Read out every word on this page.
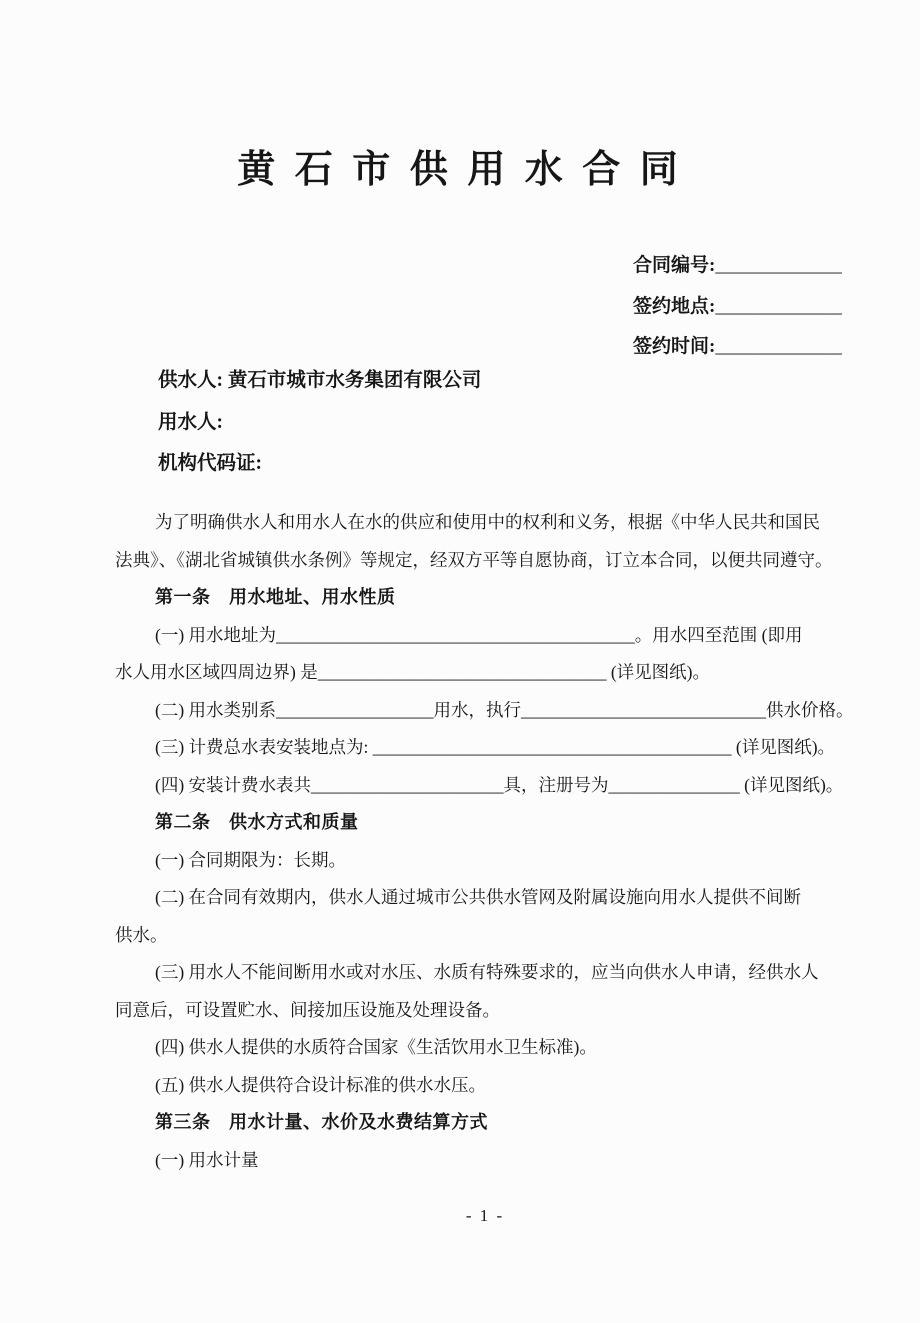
黄 石 市 供 用 水 合 同
合同编号:______________
签约地点:______________
签约时间:______________
供水人: 黄石市城市水务集团有限公司
用水人:
机构代码证:
为了明确供水人和用水人在水的供应和使用中的权利和义务，根据《中华人民共和国民
法典》、《湖北省城镇供水条例》等规定，经双方平等自愿协商，订立本合同，以便共同遵守。
第一条　用水地址、用水性质
(一) 用水地址为_________________________________________。用水四至范围 (即用
水人用水区域四周边界) 是_________________________________ (详见图纸)。
(二) 用水类别系__________________用水，执行____________________________供水价格。
(三) 计费总水表安装地点为: _________________________________________ (详见图纸)。
(四) 安装计费水表共______________________具，注册号为_______________ (详见图纸)。
第二条　供水方式和质量
(一) 合同期限为：长期。
(二) 在合同有效期内，供水人通过城市公共供水管网及附属设施向用水人提供不间断
供水。
(三) 用水人不能间断用水或对水压、水质有特殊要求的，应当向供水人申请，经供水人
同意后，可设置贮水、间接加压设施及处理设备。
(四) 供水人提供的水质符合国家《生活饮用水卫生标准)。
(五) 供水人提供符合设计标准的供水水压。
第三条　用水计量、水价及水费结算方式
(一) 用水计量
- 1 -
